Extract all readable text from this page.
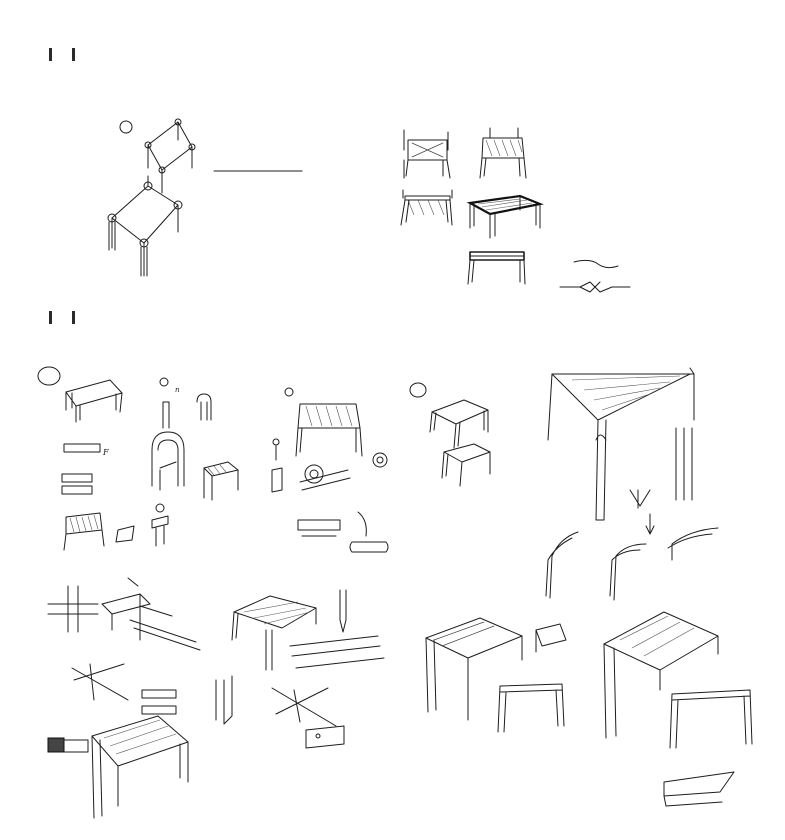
F
n
